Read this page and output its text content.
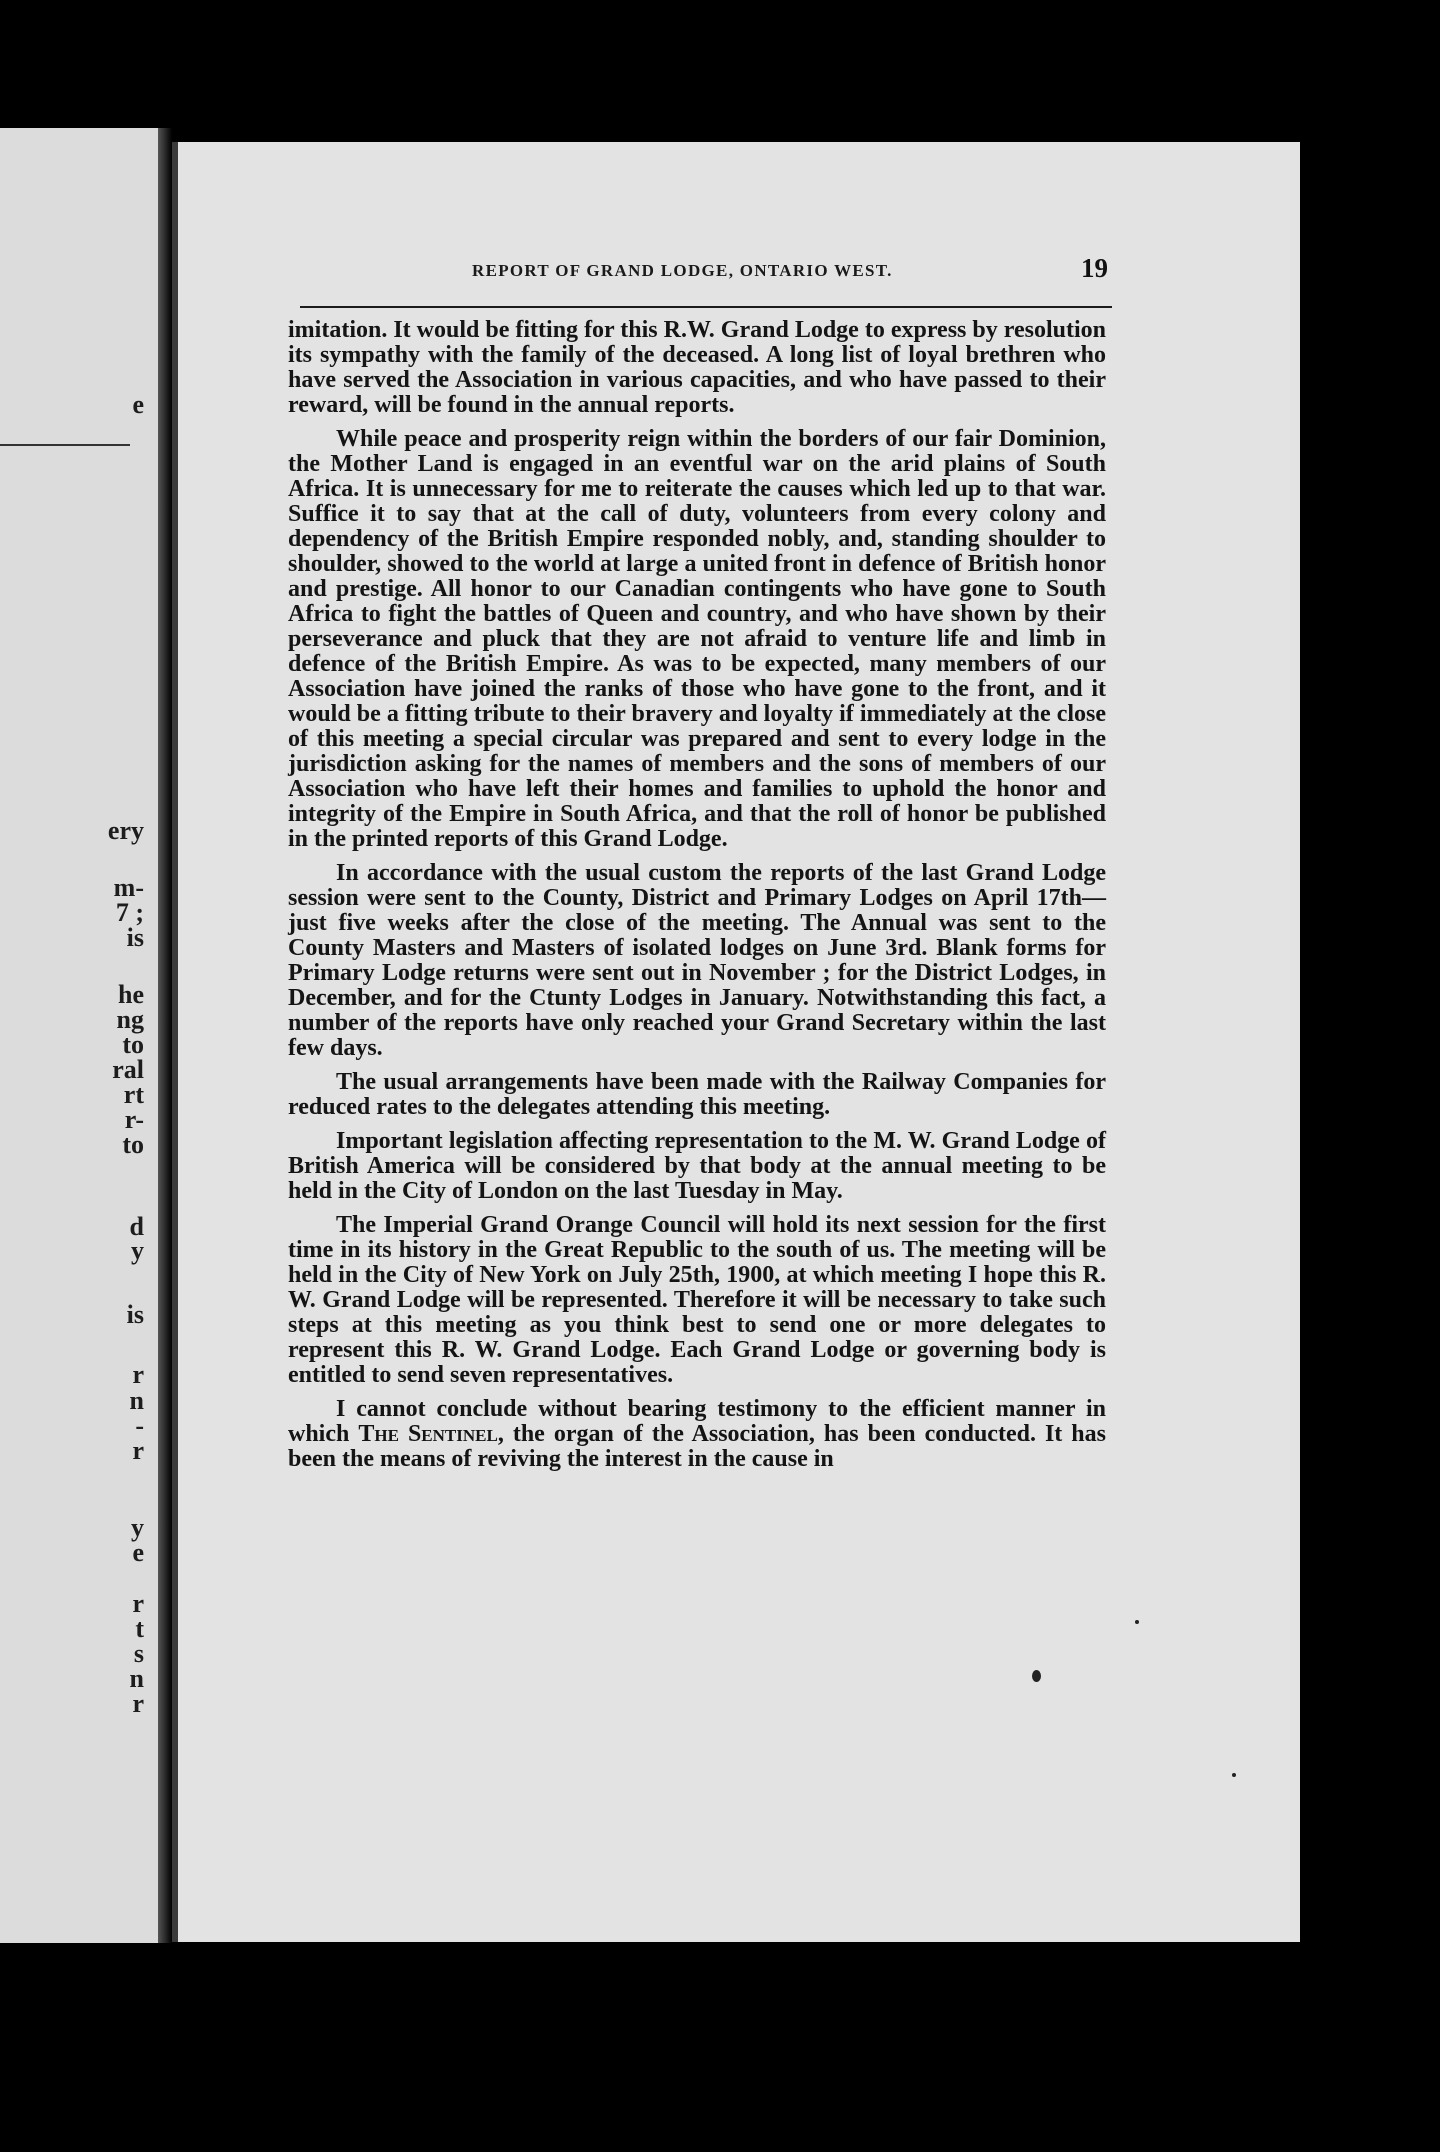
e
ery
m-
7 ;
is
he
ng
to
ral
rt
r-
to
d
y
is
r
n
-
r
y
e
r
t
s
n
r
REPORT OF GRAND LODGE, ONTARIO WEST.	19

imitation. It would be fitting for this R.W. Grand Lodge to express by resolution its sympathy with the family of the deceased. A long list of loyal brethren who have served the Association in various capacities, and who have passed to their reward, will be found in the annual reports.

While peace and prosperity reign within the borders of our fair Dominion, the Mother Land is engaged in an eventful war on the arid plains of South Africa. It is unnecessary for me to reiterate the causes which led up to that war. Suffice it to say that at the call of duty, volunteers from every colony and dependency of the British Empire responded nobly, and, standing shoulder to shoulder, showed to the world at large a united front in defence of British honor and prestige. All honor to our Canadian contingents who have gone to South Africa to fight the battles of Queen and country, and who have shown by their perseverance and pluck that they are not afraid to venture life and limb in defence of the British Empire. As was to be expected, many members of our Association have joined the ranks of those who have gone to the front, and it would be a fitting tribute to their bravery and loyalty if immediately at the close of this meeting a special circular was prepared and sent to every lodge in the jurisdiction asking for the names of members and the sons of members of our Association who have left their homes and families to uphold the honor and integrity of the Empire in South Africa, and that the roll of honor be published in the printed reports of this Grand Lodge.

In accordance with the usual custom the reports of the last Grand Lodge session were sent to the County, District and Primary Lodges on April 17th—just five weeks after the close of the meeting. The Annual was sent to the County Masters and Masters of isolated lodges on June 3rd. Blank forms for Primary Lodge returns were sent out in November ; for the District Lodges, in December, and for the Ctunty Lodges in January. Notwithstanding this fact, a number of the reports have only reached your Grand Secretary within the last few days.

The usual arrangements have been made with the Railway Companies for reduced rates to the delegates attending this meeting.

Important legislation affecting representation to the M. W. Grand Lodge of British America will be considered by that body at the annual meeting to be held in the City of London on the last Tuesday in May.

The Imperial Grand Orange Council will hold its next session for the first time in its history in the Great Republic to the south of us. The meeting will be held in the City of New York on July 25th, 1900, at which meeting I hope this R. W. Grand Lodge will be represented. Therefore it will be necessary to take such steps at this meeting as you think best to send one or more delegates to represent this R. W. Grand Lodge. Each Grand Lodge or governing body is entitled to send seven representatives.

I cannot conclude without bearing testimony to the efficient manner in which The Sentinel, the organ of the Association, has been conducted. It has been the means of reviving the interest in the cause in
